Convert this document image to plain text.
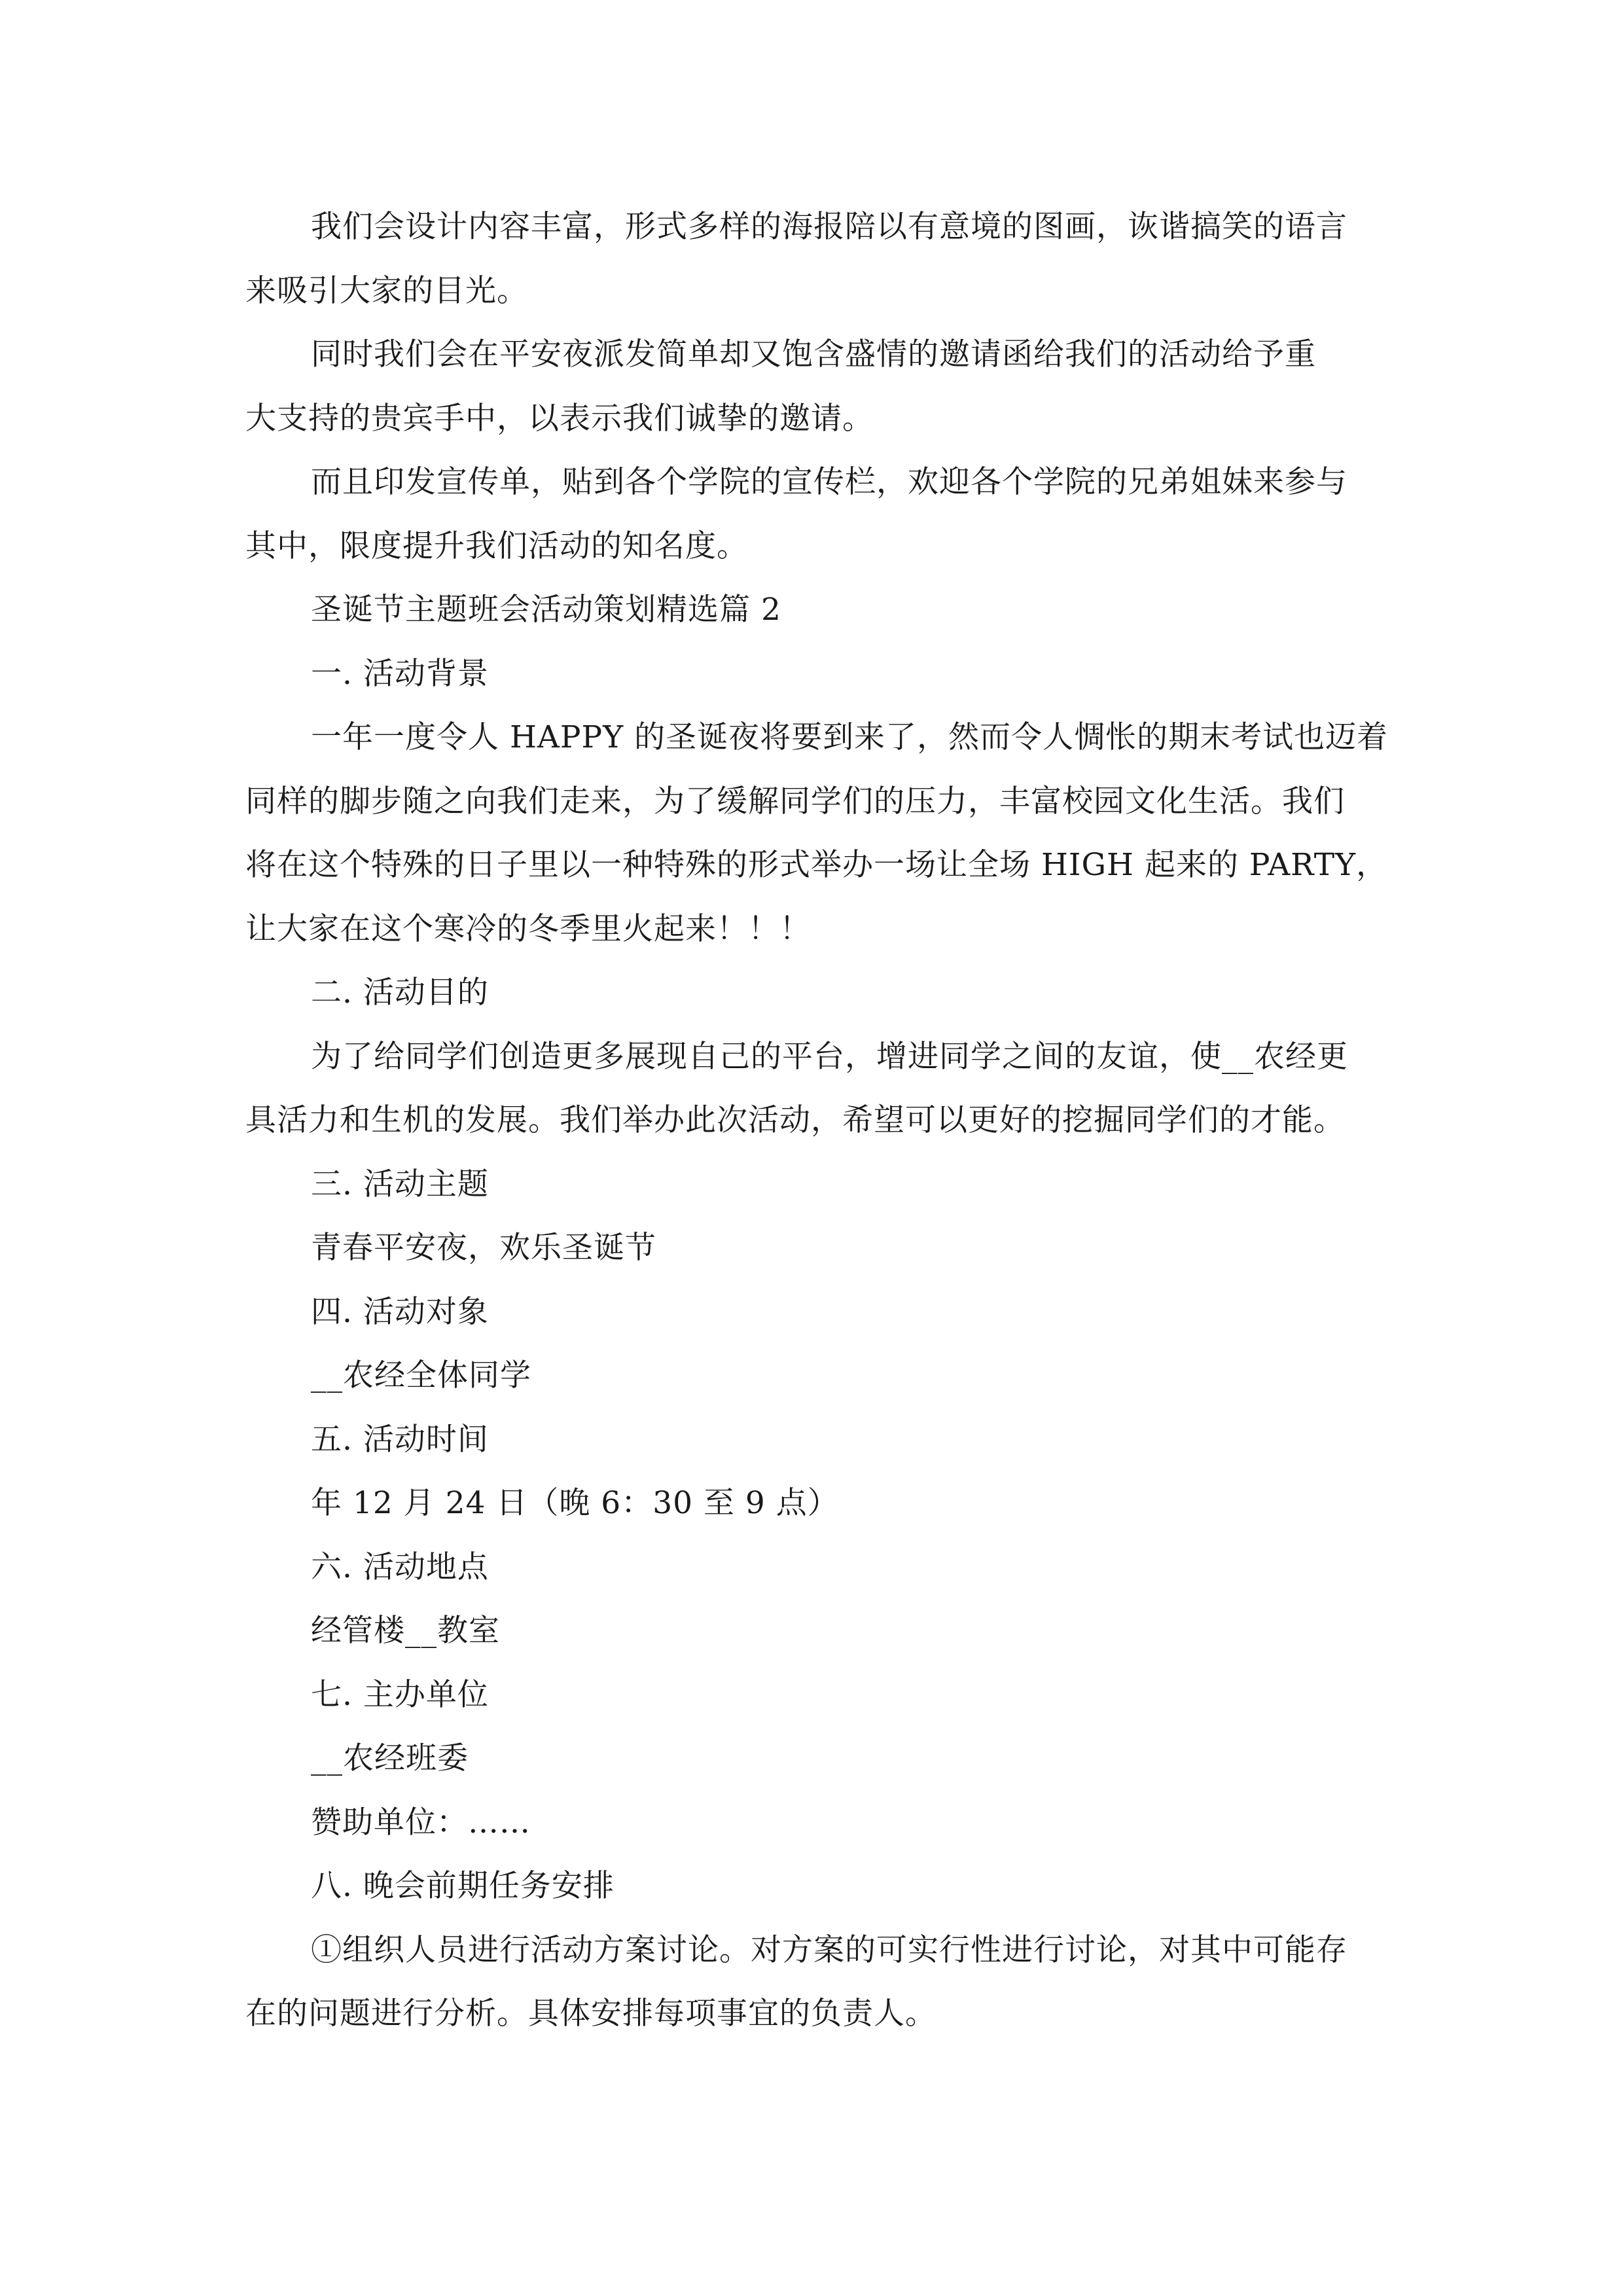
我们会设计内容丰富，形式多样的海报陪以有意境的图画，诙谐搞笑的语言
来吸引大家的目光。
同时我们会在平安夜派发简单却又饱含盛情的邀请函给我们的活动给予重
大支持的贵宾手中，以表示我们诚挚的邀请。
而且印发宣传单，贴到各个学院的宣传栏，欢迎各个学院的兄弟姐妹来参与
其中，限度提升我们活动的知名度。
圣诞节主题班会活动策划精选篇 2
一. 活动背景
一年一度令人 HAPPY 的圣诞夜将要到来了，然而令人惆怅的期末考试也迈着
同样的脚步随之向我们走来，为了缓解同学们的压力，丰富校园文化生活。我们
将在这个特殊的日子里以一种特殊的形式举办一场让全场 HIGH 起来的 PARTY，
让大家在这个寒冷的冬季里火起来！！！
二. 活动目的
为了给同学们创造更多展现自己的平台，增进同学之间的友谊，使__农经更
具活力和生机的发展。我们举办此次活动，希望可以更好的挖掘同学们的才能。
三. 活动主题
青春平安夜，欢乐圣诞节
四. 活动对象
__农经全体同学
五. 活动时间
年 12 月 24 日（晚 6：30 至 9 点）
六. 活动地点
经管楼__教室
七. 主办单位
__农经班委
赞助单位：……
八. 晚会前期任务安排
①组织人员进行活动方案讨论。对方案的可实行性进行讨论，对其中可能存
在的问题进行分析。具体安排每项事宜的负责人。
